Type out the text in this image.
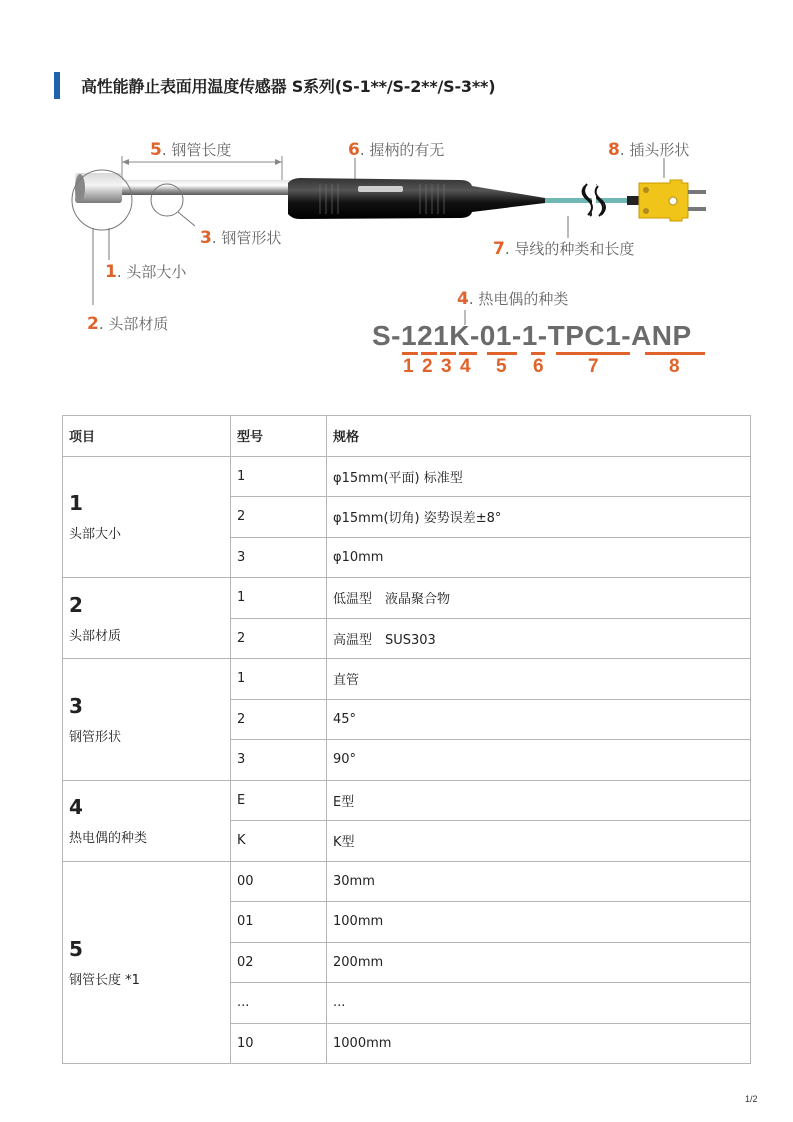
高性能静止表面用温度传感器 S系列(S-1**/S-2**/S-3**)
5. 钢管长度	6. 握柄的有无	8. 插头形状
3. 钢管形状
7. 导线的种类和长度
1. 头部大小
4. 热电偶的种类
2. 头部材质	S-121K-01-1-TPC1-ANP
1 2 3 4 5 6 7	8
项目	型号	规格

1
头部大小	1	φ15mm(平面) 标准型
	2	φ15mm(切角) 姿势误差±8°
	3	φ10mm

2
头部材质	1	低温型　液晶聚合物
	2	高温型　SUS303

3
钢管形状	1	直管
	2	45°
	3	90°

4
热电偶的种类	E	E型
	K	K型

5
钢管长度 *1	00	30mm
	01	100mm
	02	200mm
	...	...
	10	1000mm
1/2
